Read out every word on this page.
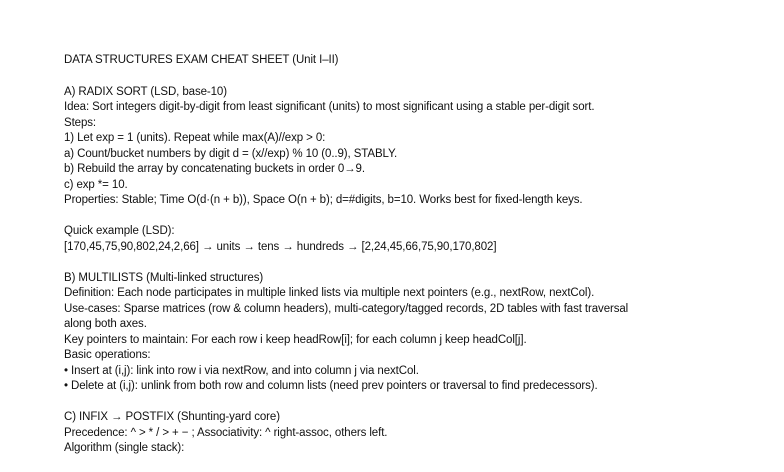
DATA STRUCTURES EXAM CHEAT SHEET (Unit I–II)
A) RADIX SORT (LSD, base-10)
Idea: Sort integers digit-by-digit from least significant (units) to most significant using a stable per-digit sort.
Steps:
1) Let exp = 1 (units). Repeat while max(A)//exp > 0:
a) Count/bucket numbers by digit d = (x//exp) % 10 (0..9), STABLY.
b) Rebuild the array by concatenating buckets in order 0→9.
c) exp *= 10.
Properties: Stable; Time O(d·(n + b)), Space O(n + b); d=#digits, b=10. Works best for fixed-length keys.
Quick example (LSD):
[170,45,75,90,802,24,2,66] → units → tens → hundreds → [2,24,45,66,75,90,170,802]
B) MULTILISTS (Multi-linked structures)
Definition: Each node participates in multiple linked lists via multiple next pointers (e.g., nextRow, nextCol).
Use-cases: Sparse matrices (row & column headers), multi-category/tagged records, 2D tables with fast traversal
along both axes.
Key pointers to maintain: For each row i keep headRow[i]; for each column j keep headCol[j].
Basic operations:
• Insert at (i,j): link into row i via nextRow, and into column j via nextCol.
• Delete at (i,j): unlink from both row and column lists (need prev pointers or traversal to find predecessors).
C) INFIX → POSTFIX (Shunting-yard core)
Precedence: ^ > * / > + − ; Associativity: ^ right-assoc, others left.
Algorithm (single stack):
